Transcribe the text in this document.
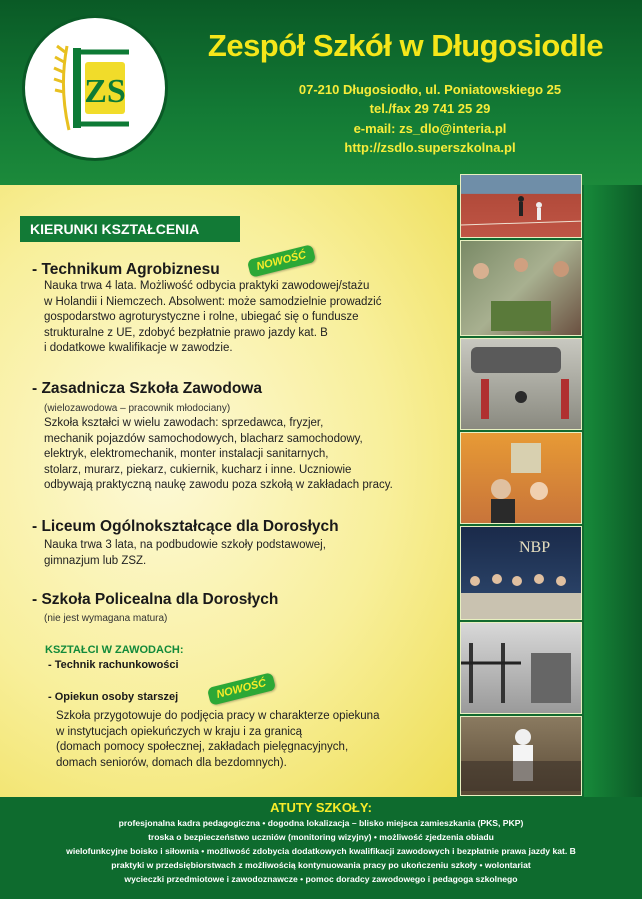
ZS
Zespół Szkół w Długosiodle
07-210 Długosiodło, ul. Poniatowskiego 25
tel./fax 29 741 25 29
e-mail: zs_dlo@interia.pl
http://zsdlo.superszkolna.pl
NBP
KIERUNKI KSZTAŁCENIA
NOWOŚĆ
- Technikum Agrobiznesu
Nauka trwa 4 lata. Możliwość odbycia praktyki zawodowej/stażu
w Holandii i Niemczech. Absolwent: może samodzielnie prowadzić
gospodarstwo agroturystyczne i rolne, ubiegać się o fundusze
strukturalne z UE, zdobyć bezpłatnie prawo jazdy kat. B
i dodatkowe kwalifikacje w zawodzie.
- Zasadnicza Szkoła Zawodowa
(wielozawodowa – pracownik młodociany)
Szkoła kształci w wielu zawodach: sprzedawca, fryzjer,
mechanik pojazdów samochodowych, blacharz samochodowy,
elektryk, elektromechanik, monter instalacji sanitarnych,
stolarz, murarz, piekarz, cukiernik, kucharz i inne. Uczniowie
odbywają praktyczną naukę zawodu poza szkołą w zakładach pracy.
- Liceum Ogólnokształcące dla Dorosłych
Nauka trwa 3 lata, na podbudowie szkoły podstawowej,
gimnazjum lub ZSZ.
- Szkoła Policealna dla Dorosłych
(nie jest wymagana matura)
KSZTAŁCI W ZAWODACH:
- Technik rachunkowości
NOWOŚĆ
- Opiekun osoby starszej
Szkoła przygotowuje do podjęcia pracy w charakterze opiekuna
w instytucjach opiekuńczych w kraju i za granicą
(domach pomocy społecznej, zakładach pielęgnacyjnych,
domach seniorów, domach dla bezdomnych).
ATUTY SZKOŁY:
profesjonalna kadra pedagogiczna • dogodna lokalizacja – blisko miejsca zamieszkania (PKS, PKP)
troska o bezpieczeństwo uczniów (monitoring wizyjny) • możliwość zjedzenia obiadu
wielofunkcyjne boisko i siłownia • możliwość zdobycia dodatkowych kwalifikacji zawodowych i bezpłatnie prawa jazdy kat. B
praktyki w przedsiębiorstwach z możliwością kontynuowania pracy po ukończeniu szkoły • wolontariat
wycieczki przedmiotowe i zawodoznawcze • pomoc doradcy zawodowego i pedagoga szkolnego
